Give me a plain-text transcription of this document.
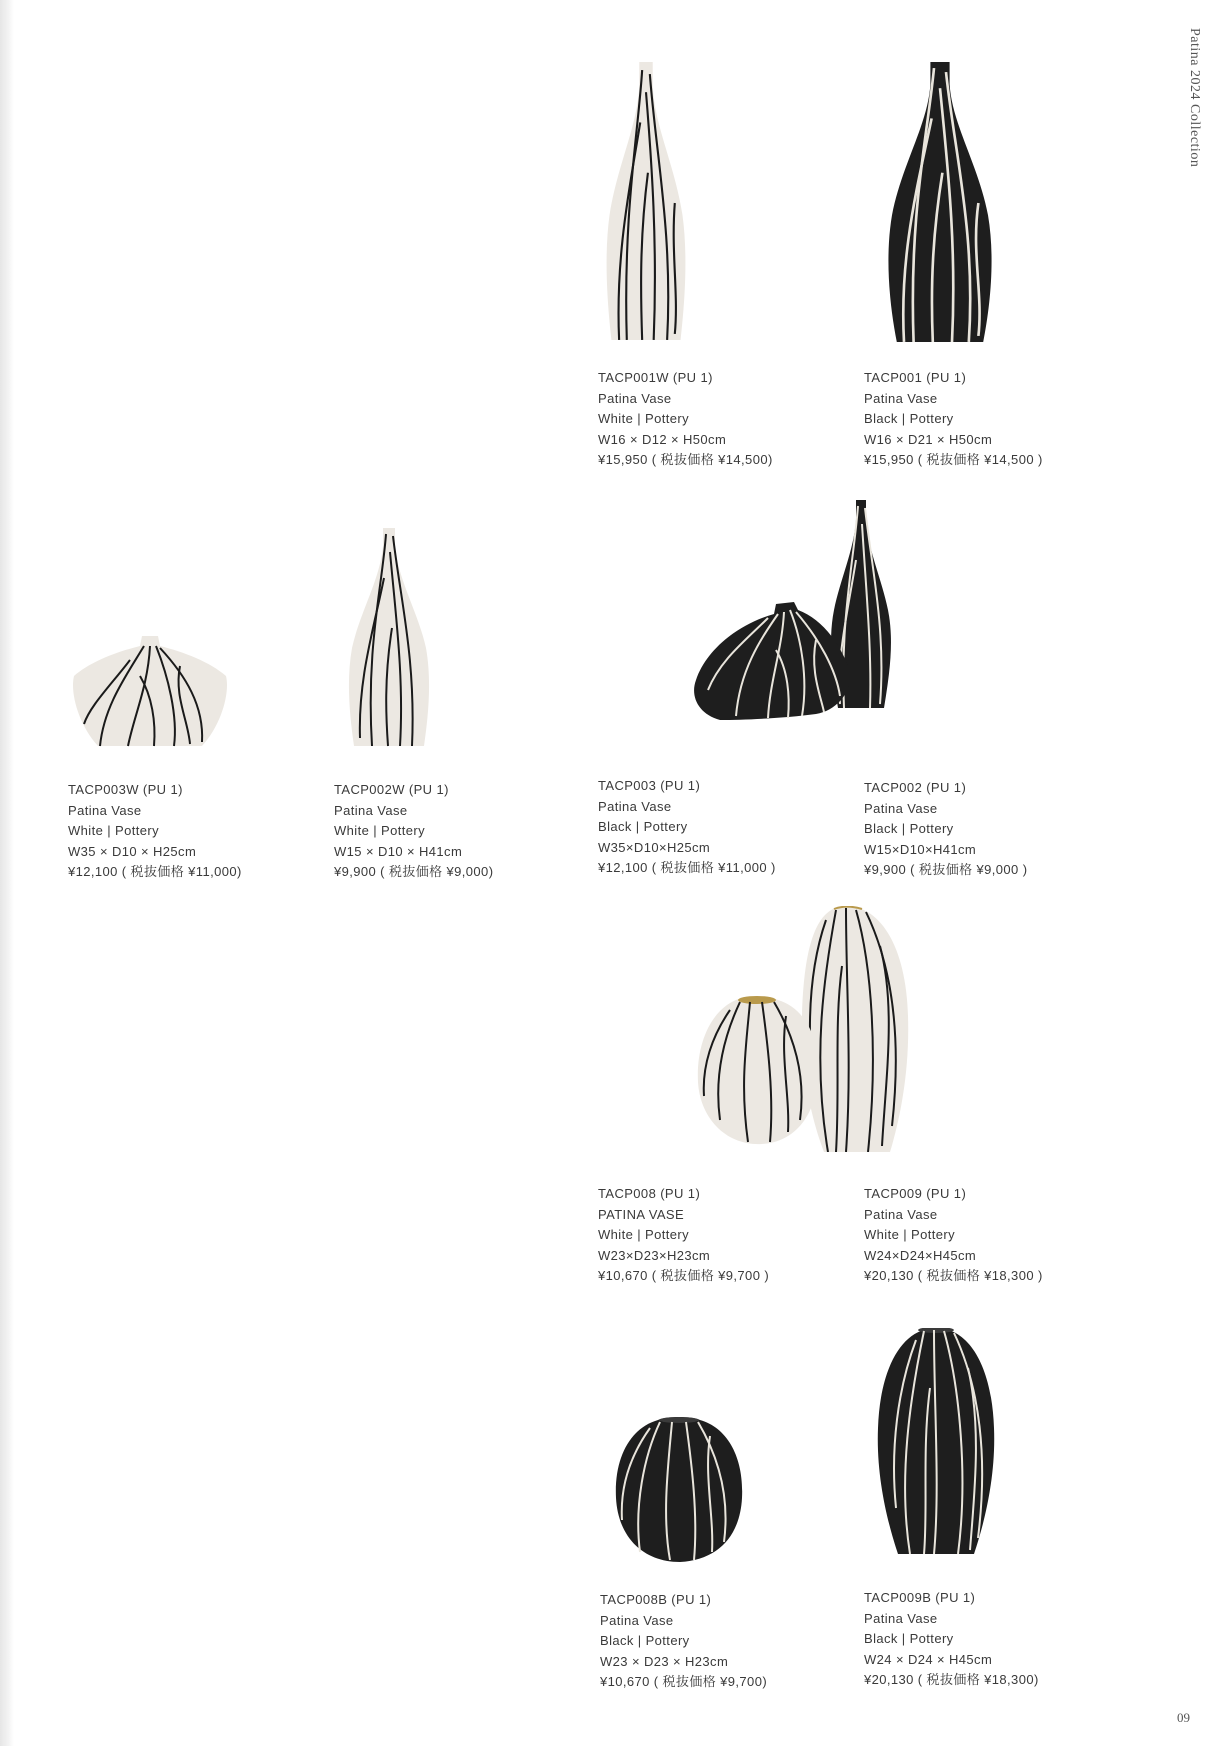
Patina 2024 Collection
TACP001W (PU 1)
Patina Vase
White | Pottery
W16 × D12 × H50cm
¥15,950 ( 税抜価格 ¥14,500)
TACP001 (PU 1)
Patina Vase
Black | Pottery
W16 × D21 × H50cm
¥15,950 ( 税抜価格 ¥14,500 )
TACP003W (PU 1)
Patina Vase
White | Pottery
W35 × D10 × H25cm
¥12,100 ( 税抜価格 ¥11,000)
TACP002W (PU 1)
Patina Vase
White | Pottery
W15 × D10 × H41cm
¥9,900 ( 税抜価格 ¥9,000)
TACP003 (PU 1)
Patina Vase
Black | Pottery
W35×D10×H25cm
¥12,100 ( 税抜価格 ¥11,000 )
TACP002 (PU 1)
Patina Vase
Black | Pottery
W15×D10×H41cm
¥9,900 ( 税抜価格 ¥9,000 )
TACP008 (PU 1)
PATINA VASE
White | Pottery
W23×D23×H23cm
¥10,670 ( 税抜価格 ¥9,700 )
TACP009 (PU 1)
Patina Vase
White | Pottery
W24×D24×H45cm
¥20,130 ( 税抜価格 ¥18,300 )
TACP008B (PU 1)
Patina Vase
Black | Pottery
W23 × D23 × H23cm
¥10,670 ( 税抜価格 ¥9,700)
TACP009B (PU 1)
Patina Vase
Black | Pottery
W24 × D24 × H45cm
¥20,130 ( 税抜価格 ¥18,300)
09
